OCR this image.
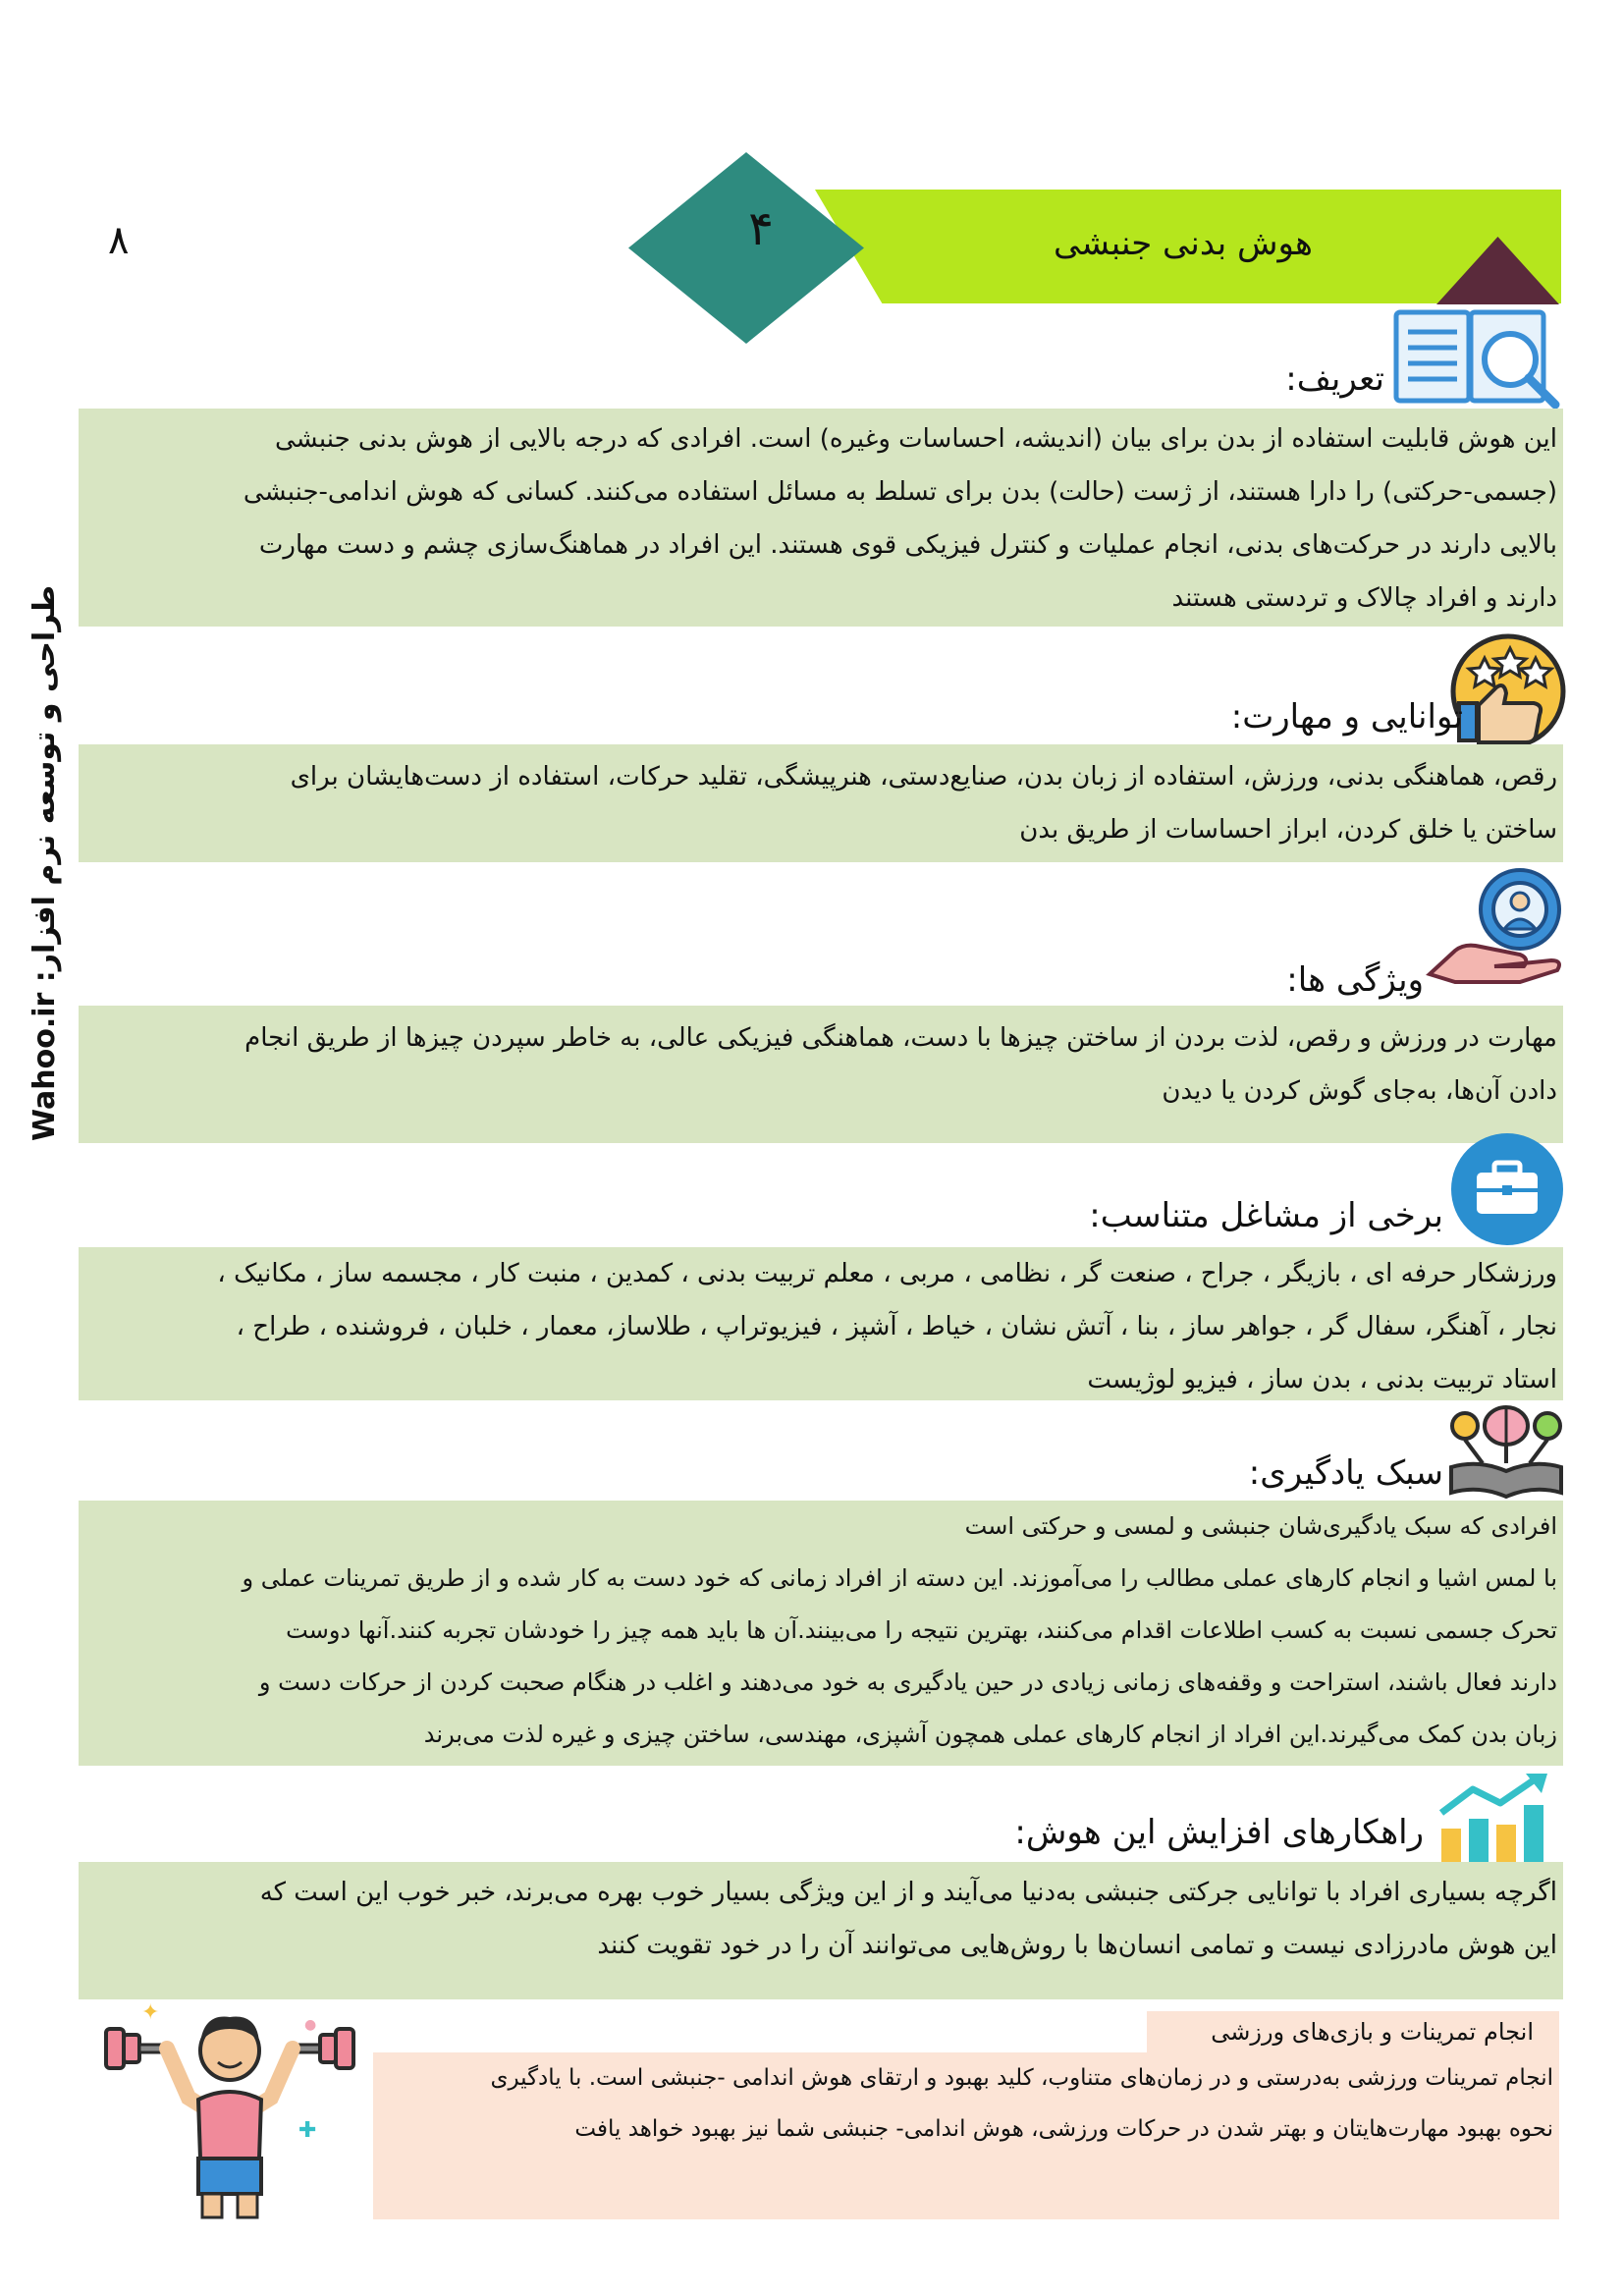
۸	۴	هوش بدنی جنبشی
طراحی و توسعه نرم افزار: Wahoo.ir
تعریف:

این هوش قابلیت استفاده از بدن برای بیان (اندیشه، احساسات وغیره) است. افرادی که درجه بالایی از هوش بدنی جنبشی

(جسمی-حرکتی) را دارا هستند، از ژست (حالت) بدن برای تسلط به مسائل استفاده می‌کنند. کسانی که هوش اندامی-جنبشی

بالایی دارند در حرکت‌های بدنی، انجام عملیات و کنترل فیزیکی قوی هستند. این افراد در هماهنگ‌سازی چشم و دست مهارت

دارند و افراد چالاک و تردستی هستند

توانایی و مهارت:

رقص، هماهنگی بدنی، ورزش، استفاده از زبان بدن، صنایع‌دستی، هنرپیشگی، تقلید حرکات، استفاده از دست‌هایشان برای

ساختن یا خلق کردن، ابراز احساسات از طریق بدن

ویژگی ها:

مهارت در ورزش و رقص، لذت بردن از ساختن چیزها با دست، هماهنگی فیزیکی عالی، به خاطر سپردن چیزها از طریق انجام

دادن آن‌ها، به‌جای گوش کردن یا دیدن

برخی از مشاغل متناسب:

ورزشکار حرفه ای ، بازیگر ، جراح ، صنعت گر ، نظامی ، مربی ، معلم تربیت بدنی ، کمدین ، منبت کار ، مجسمه ساز ، مکانیک ،

نجار ، آهنگر، سفال گر ، جواهر ساز ، بنا ، آتش نشان ، خیاط ، آشپز ، فیزیوتراپ ، طلاساز، معمار ، خلبان ، فروشنده ، طراح ،

استاد تربیت بدنی ، بدن ساز ، فیزیو لوژیست

سبک یادگیری:

افرادی که سبک یادگیری‌شان جنبشی و لمسی و حرکتی است

با لمس اشیا و انجام کارهای عملی مطالب را می‌آموزند. این دسته از افراد زمانی که خود دست به کار شده و از طریق تمرینات عملی و

تحرک جسمی نسبت به کسب اطلاعات اقدام می‌کنند، بهترین نتیجه را می‌بینند.آن ها باید همه چیز را خودشان تجربه کنند.آنها دوست

دارند فعال باشند، استراحت و وقفه‌های زمانی زیادی در حین یادگیری به خود می‌دهند و اغلب در هنگام صحبت کردن از حرکات دست و

زبان بدن کمک می‌گیرند.این افراد از انجام کارهای عملی همچون آشپزی، مهندسی، ساختن چیزی و غیره لذت می‌برند

راهکارهای افزایش این هوش:

اگرچه بسیاری افراد با توانایی جرکتی جنبشی به‌دنیا می‌آیند و از این ویژگی بسیار خوب بهره می‌برند، خبر خوب این است که

این هوش مادرزادی نیست و تمامی انسان‌ها با روش‌هایی می‌توانند آن را در خود تقویت کنند

✦
✚
●	انجام تمرینات و بازی‌های ورزشی

انجام تمرینات ورزشی به‌درستی و در زمان‌های متناوب، کلید بهبود و ارتقای هوش اندامی -جنبشی است. با یادگیری

نحوه بهبود مهارت‌هایتان و بهتر شدن در حرکات ورزشی، هوش اندامی- جنبشی شما نیز بهبود خواهد یافت
